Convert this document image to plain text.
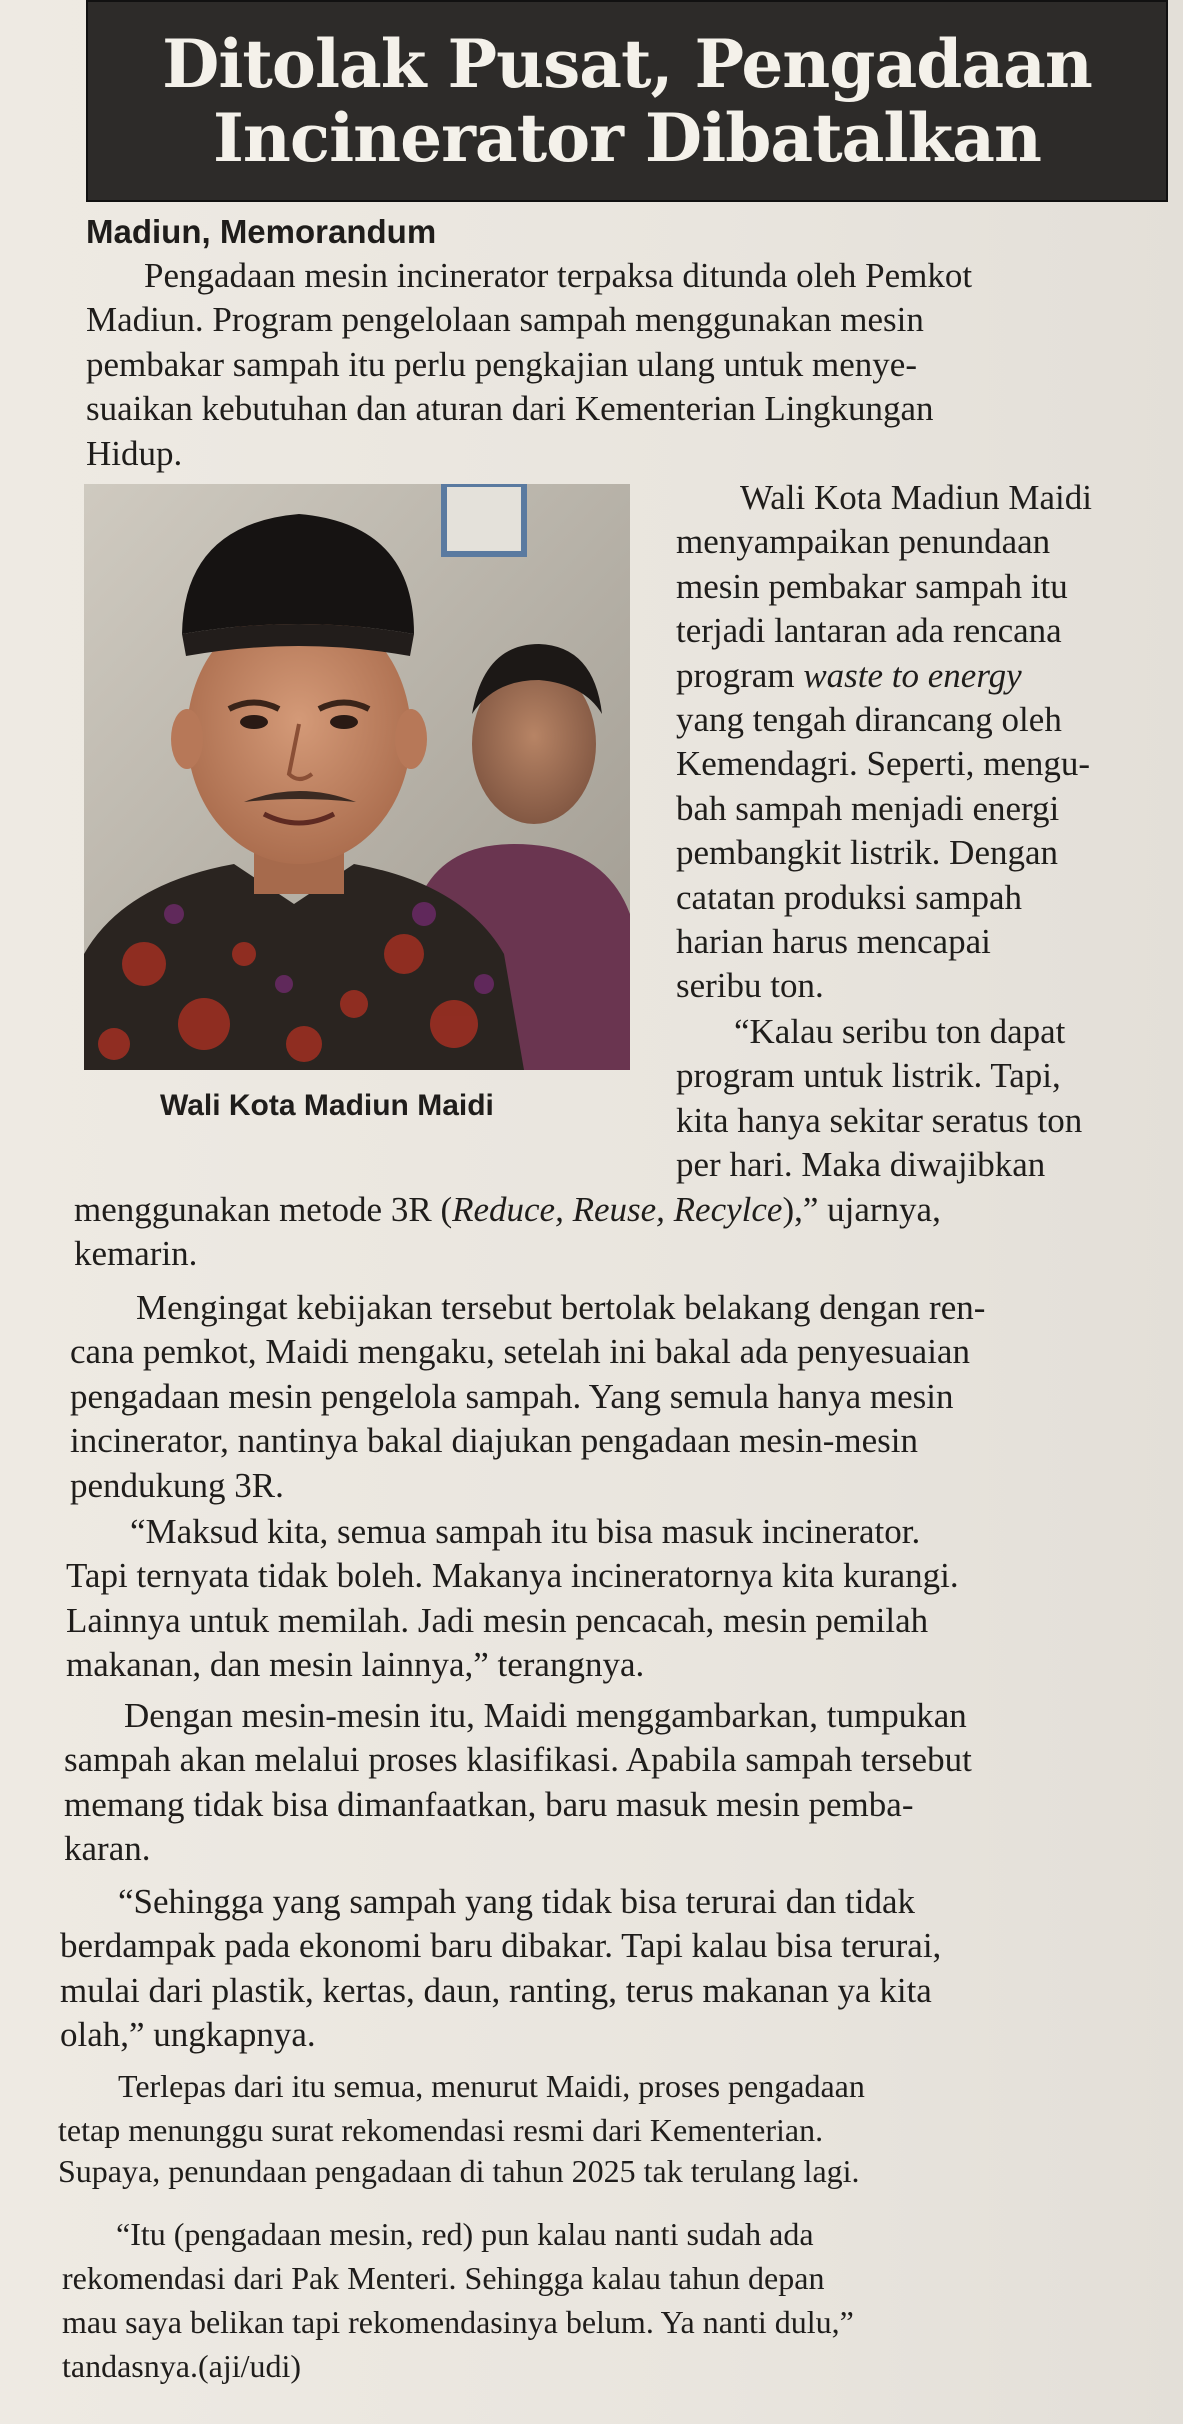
Ditolak Pusat, Pengadaan
Incinerator Dibatalkan
Madiun, Memorandum

Pengadaan mesin incinerator terpaksa ditunda oleh Pemkot
Madiun. Program pengelolaan sampah menggunakan mesin
pembakar sampah itu perlu pengkajian ulang untuk menye-
suaikan kebutuhan dan aturan dari Kementerian Lingkungan
Hidup.

Wali Kota Madiun Maidi

Wali Kota Madiun Maidi
menyampaikan penundaan
mesin pembakar sampah itu
terjadi lantaran ada rencana
program waste to energy
yang tengah dirancang oleh
Kemendagri. Seperti, mengu-
bah sampah menjadi energi
pembangkit listrik. Dengan
catatan produksi sampah
harian harus mencapai
seribu ton.

“Kalau seribu ton dapat
program untuk listrik. Tapi,
kita hanya sekitar seratus ton
per hari. Maka diwajibkan

menggunakan metode 3R (Reduce, Reuse, Recylce),” ujarnya,
kemarin.

Mengingat kebijakan tersebut bertolak belakang dengan ren-
cana pemkot, Maidi mengaku, setelah ini bakal ada penyesuaian
pengadaan mesin pengelola sampah. Yang semula hanya mesin
incinerator, nantinya bakal diajukan pengadaan mesin-mesin
pendukung 3R.

“Maksud kita, semua sampah itu bisa masuk incinerator.
Tapi ternyata tidak boleh. Makanya incineratornya kita kurangi.
Lainnya untuk memilah. Jadi mesin pencacah, mesin pemilah
makanan, dan mesin lainnya,” terangnya.

Dengan mesin-mesin itu, Maidi menggambarkan, tumpukan
sampah akan melalui proses klasifikasi. Apabila sampah tersebut
memang tidak bisa dimanfaatkan, baru masuk mesin pemba-
karan.

“Sehingga yang sampah yang tidak bisa terurai dan tidak
berdampak pada ekonomi baru dibakar. Tapi kalau bisa terurai,
mulai dari plastik, kertas, daun, ranting, terus makanan ya kita
olah,” ungkapnya.

Terlepas dari itu semua, menurut Maidi, proses pengadaan
tetap menunggu surat rekomendasi resmi dari Kementerian.
Supaya, penundaan pengadaan di tahun 2025 tak terulang lagi.

“Itu (pengadaan mesin, red) pun kalau nanti sudah ada
rekomendasi dari Pak Menteri. Sehingga kalau tahun depan
mau saya belikan tapi rekomendasinya belum. Ya nanti dulu,”
tandasnya.(aji/udi)
